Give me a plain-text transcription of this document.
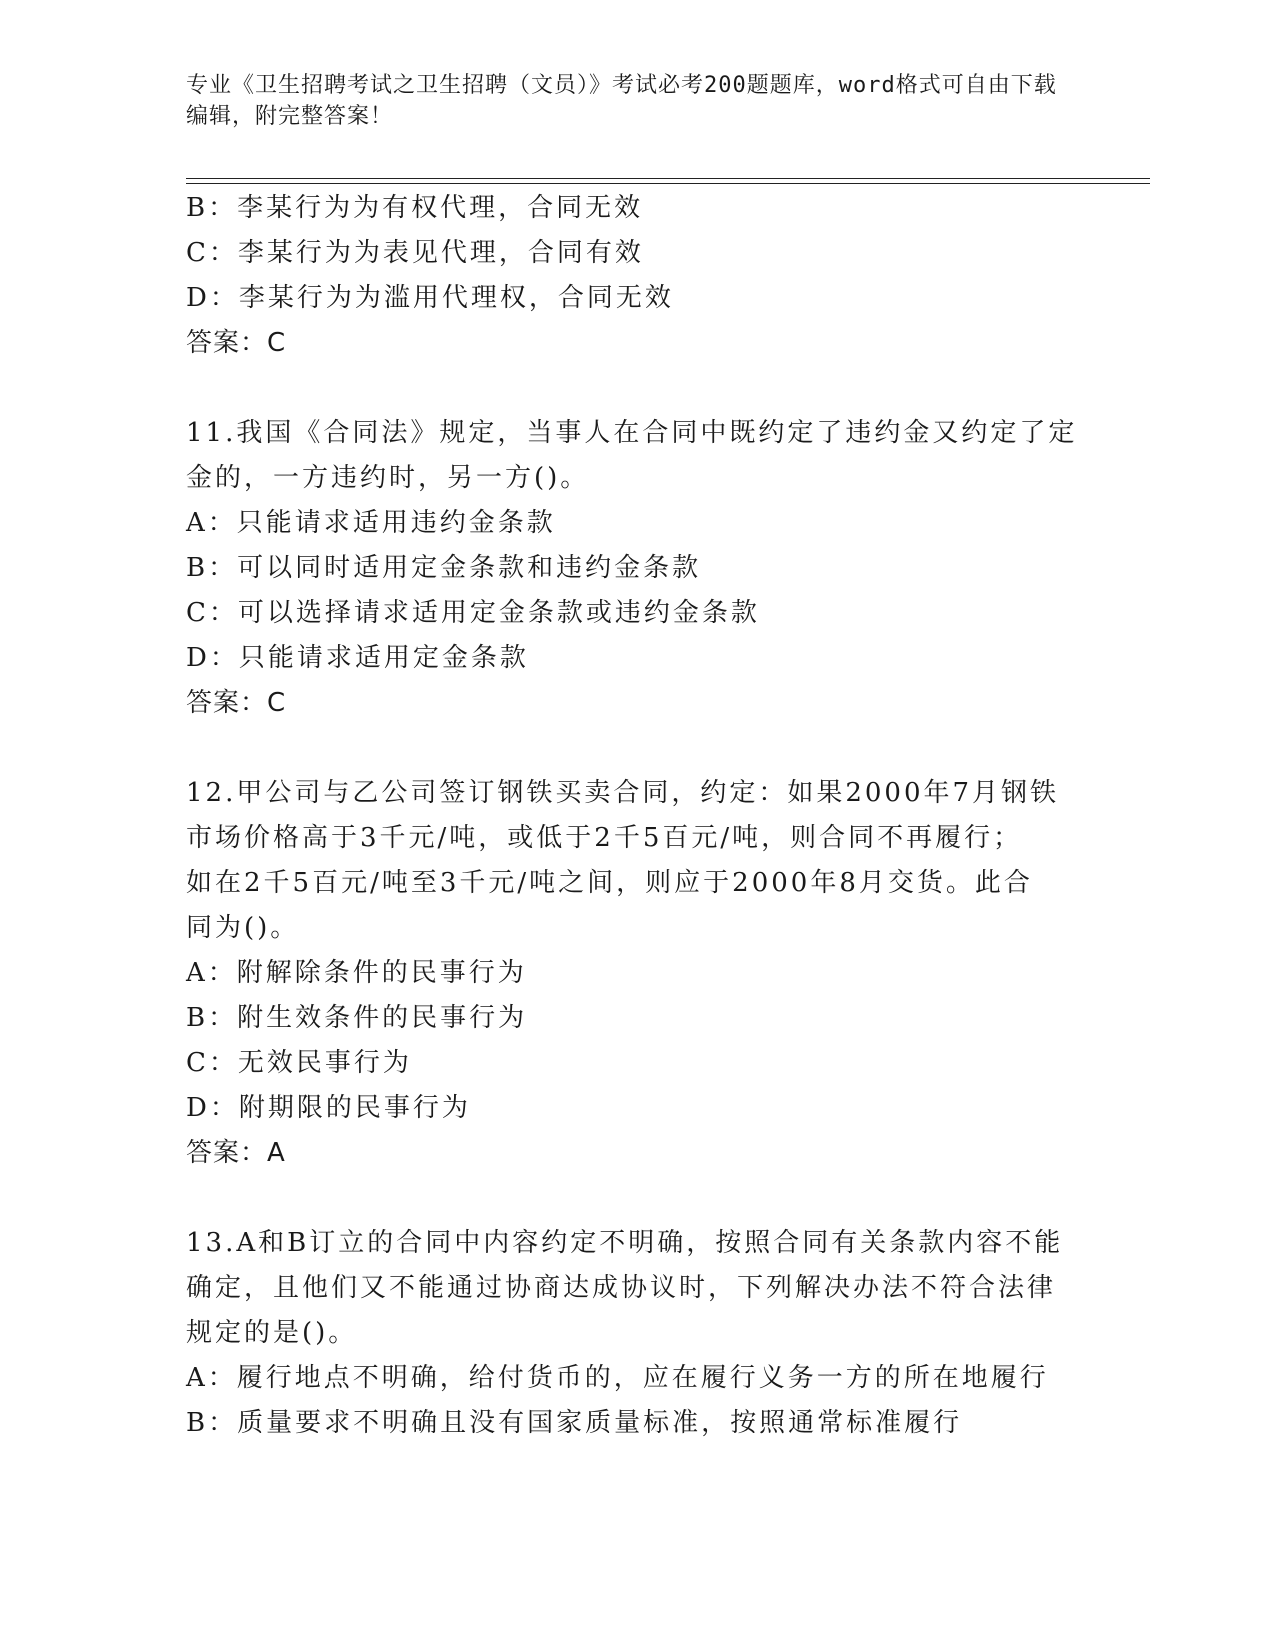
专业《卫生招聘考试之卫生招聘（文员）》考试必考200题题库，word格式可自由下载编辑，附完整答案！
B：李某行为为有权代理，合同无效
C：李某行为为表见代理，合同有效
D：李某行为为滥用代理权，合同无效
答案：C
11.我国《合同法》规定，当事人在合同中既约定了违约金又约定了定
金的，一方违约时，另一方()。
A：只能请求适用违约金条款
B：可以同时适用定金条款和违约金条款
C：可以选择请求适用定金条款或违约金条款
D：只能请求适用定金条款
答案：C
12.甲公司与乙公司签订钢铁买卖合同，约定：如果2000年7月钢铁
市场价格高于3千元/吨，或低于2千5百元/吨，则合同不再履行；
如在2千5百元/吨至3千元/吨之间，则应于2000年8月交货。此合
同为()。
A：附解除条件的民事行为
B：附生效条件的民事行为
C：无效民事行为
D：附期限的民事行为
答案：A
13.A和B订立的合同中内容约定不明确，按照合同有关条款内容不能
确定，且他们又不能通过协商达成协议时，下列解决办法不符合法律
规定的是()。
A：履行地点不明确，给付货币的，应在履行义务一方的所在地履行
B：质量要求不明确且没有国家质量标准，按照通常标准履行
